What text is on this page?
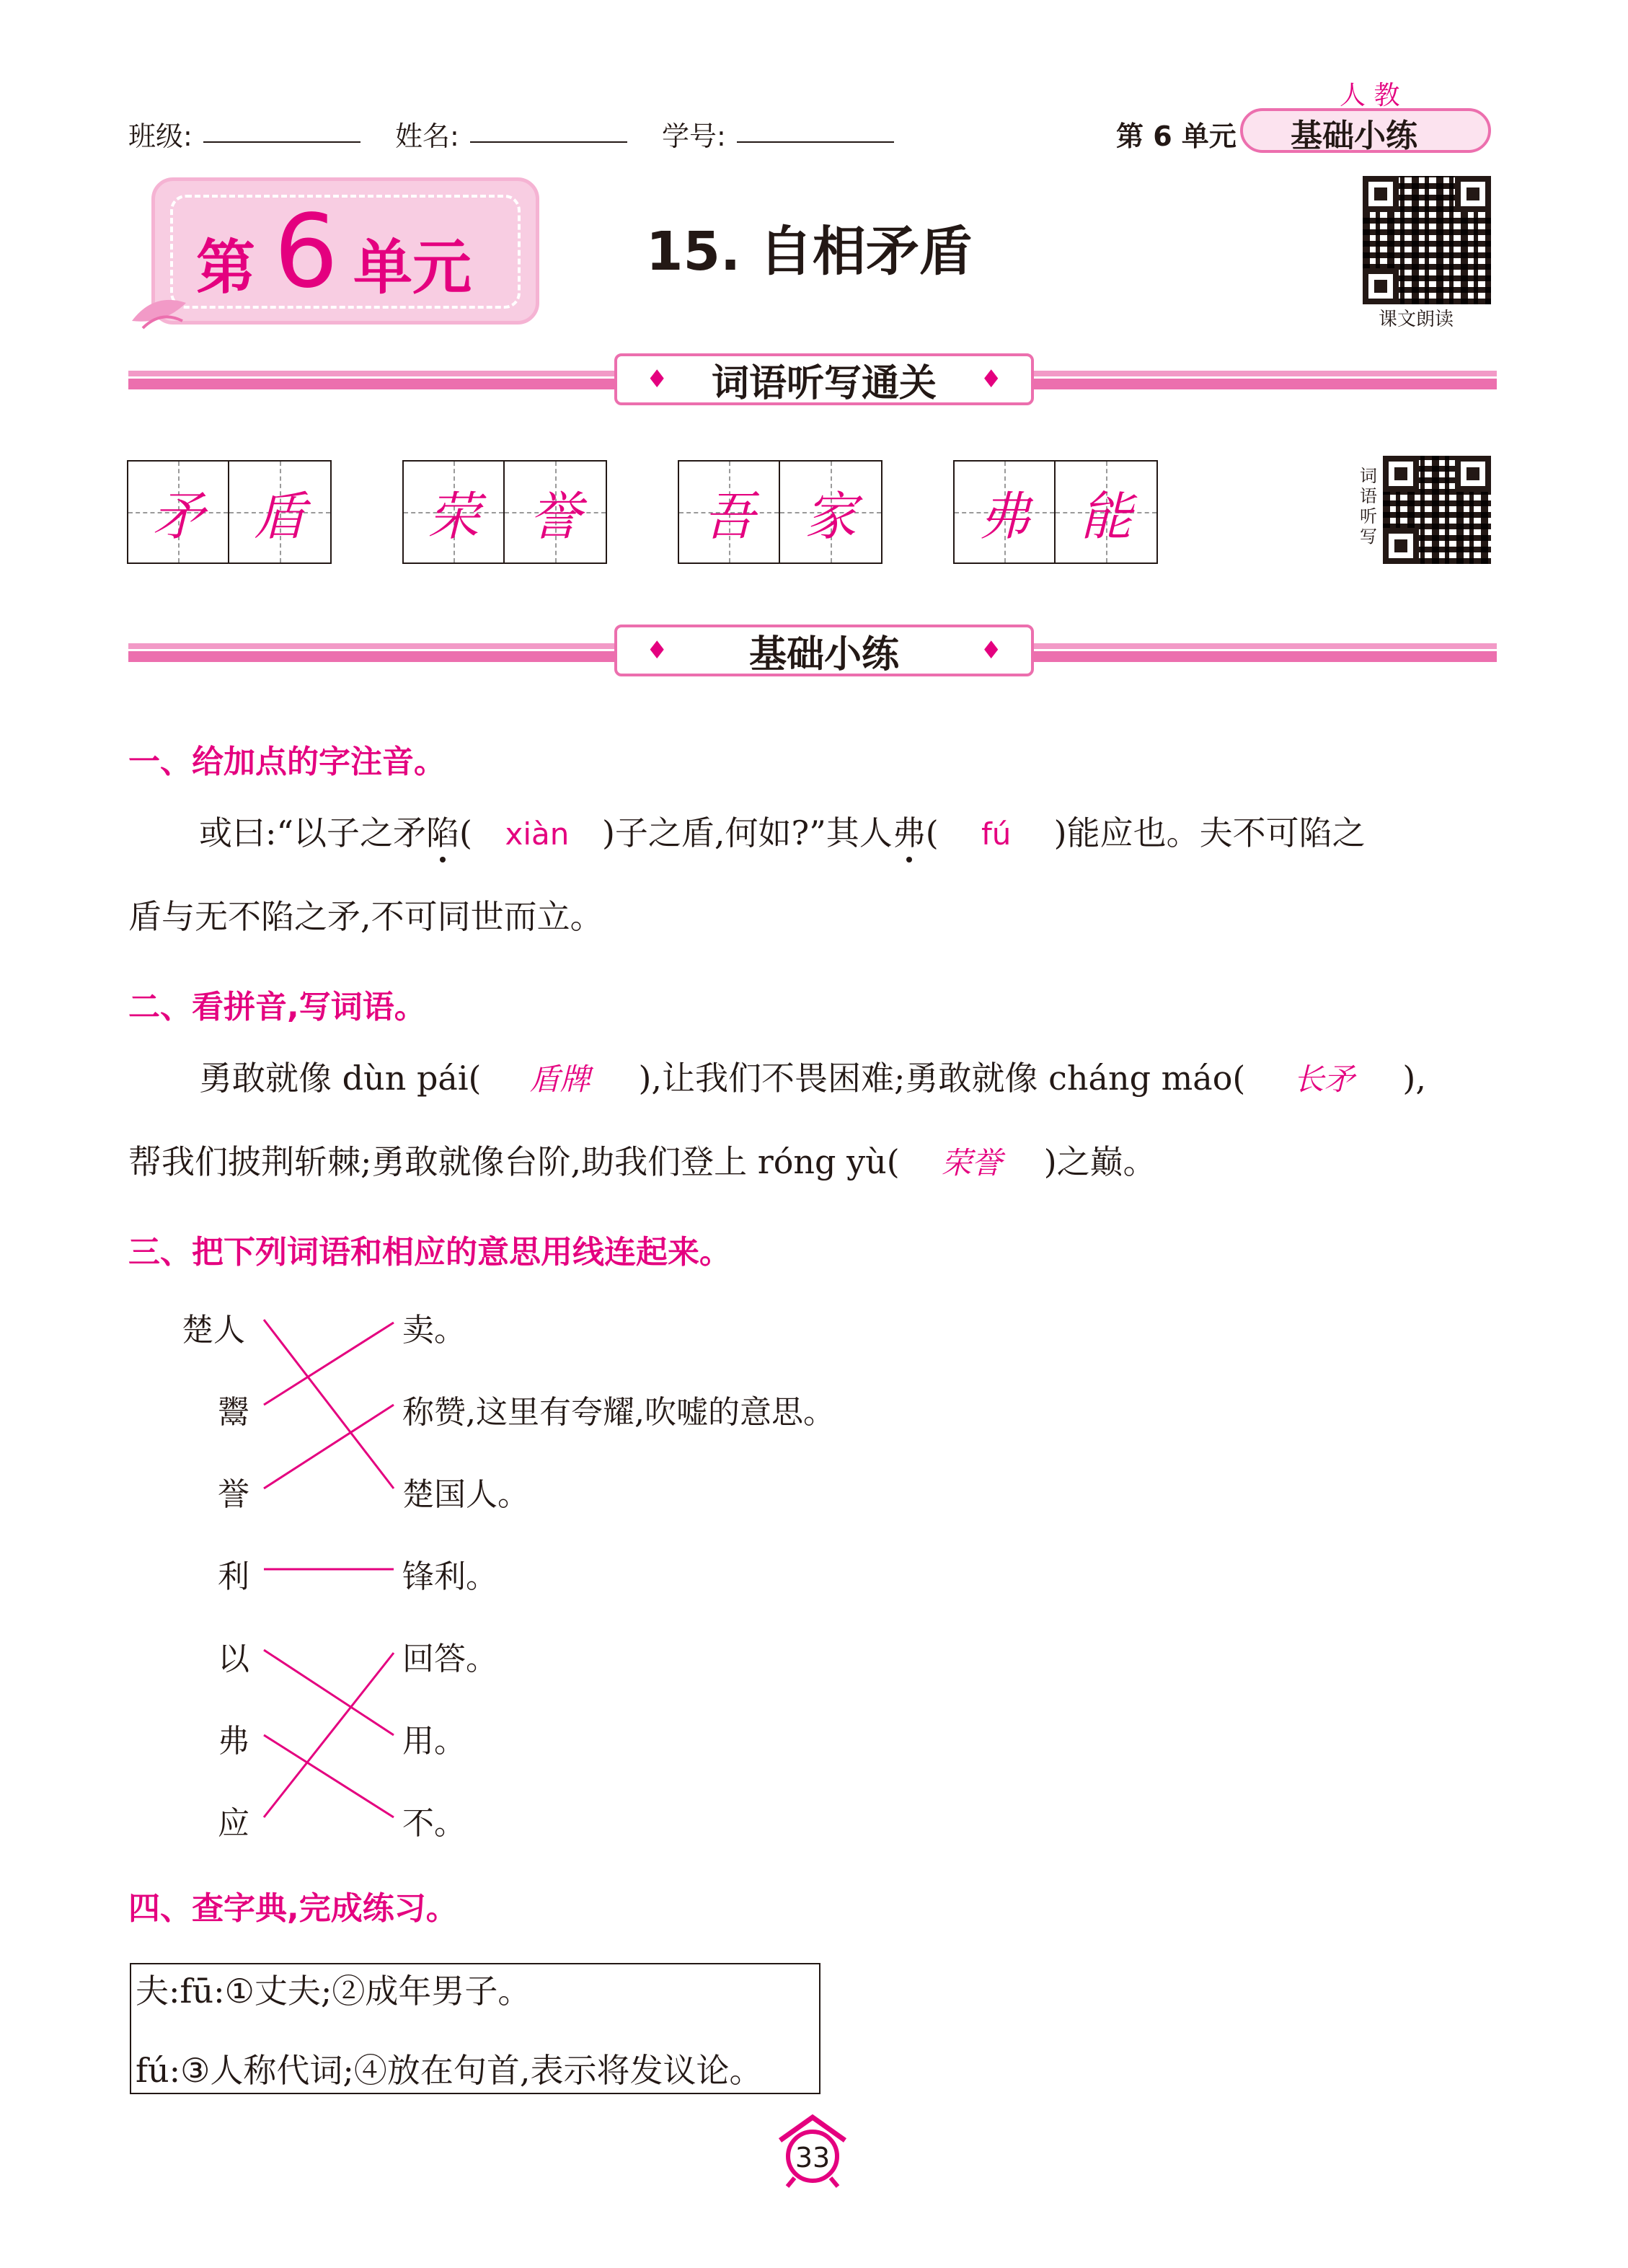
班级:	姓名:	学号:	第 6 单元
人 教
基础小练
课文朗读
第 6 单元	15. 自相矛盾
♦ 词语听写通关 ♦
矛 盾 荣 誉 吾 家 弗 能
词语听写
♦ 基础小练	♦
一、给加点的字注音。
或曰:“以子之矛陷( xiàn )子之盾,何如?”其人弗( fú )能应也。夫不可陷之
盾与无不陷之矛,不可同世而立。
二、看拼音,写词语。
勇敢就像 dùn pái( 盾牌 ),让我们不畏困难;勇敢就像 cháng máo( 长矛 ),
帮我们披荆斩棘;勇敢就像台阶,助我们登上 róng yù( 荣誉 )之巅。
三、把下列词语和相应的意思用线连起来。
楚人
鬻
誉
利
以
弗
应
卖。
称赞,这里有夸耀,吹嘘的意思。
楚国人。
锋利。
回答。
用。
不。
四、查字典,完成练习。
夫:fū:①丈夫;②成年男子。
fú:③人称代词;④放在句首,表示将发议论。
33
